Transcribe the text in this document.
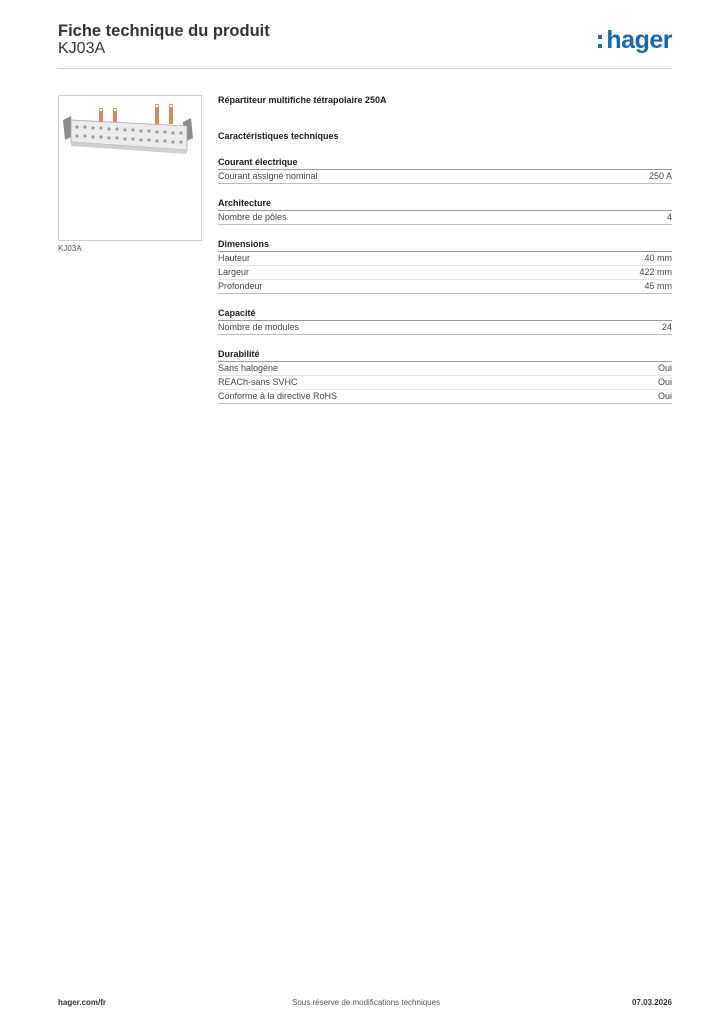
Fiche technique du produit
KJ03A	hager
KJ03A
Répartiteur multifiche tétrapolaire 250A
Caractéristiques techniques
Courant électrique
Courant assigné nominal	250 A
Architecture
Nombre de pôles	4
Dimensions
Hauteur	40 mm
Largeur	422 mm
Profondeur	45 mm
Capacité
Nombre de modules	24
Durabilité
Sans halogène	Oui
REACh-sans SVHC	Oui
Conforme à la directive RoHS	Oui
hager.com/fr	Sous réserve de modifications techniques	07.03.2026
